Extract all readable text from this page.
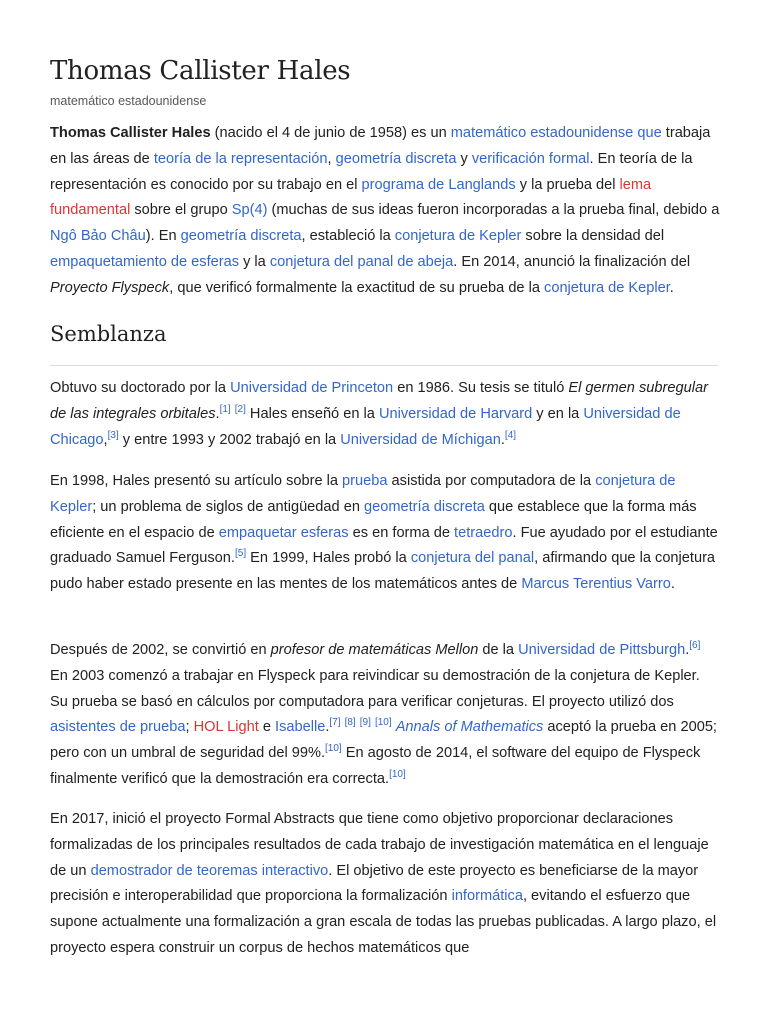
Thomas Callister Hales
matemático estadounidense

Thomas Callister Hales (nacido el 4 de junio de 1958) es un matemático estadounidense que trabaja en las áreas de teoría de la representación, geometría discreta y verificación formal. En teoría de la representación es conocido por su trabajo en el programa de Langlands y la prueba del lema fundamental sobre el grupo Sp(4) (muchas de sus ideas fueron incorporadas a la prueba final, debido a Ngô Bảo Châu). En geometría discreta, estableció la conjetura de Kepler sobre la densidad del empaquetamiento de esferas y la conjetura del panal de abeja. En 2014, anunció la finalización del Proyecto Flyspeck, que verificó formalmente la exactitud de su prueba de la conjetura de Kepler.

Semblanza

Obtuvo su doctorado por la Universidad de Princeton en 1986. Su tesis se tituló El germen subregular de las integrales orbitales.[1] [2] Hales enseñó en la Universidad de Harvard y en la Universidad de Chicago,[3] y entre 1993 y 2002 trabajó en la Universidad de Míchigan.[4]

En 1998, Hales presentó su artículo sobre la prueba asistida por computadora de la conjetura de Kepler; un problema de siglos de antigüedad en geometría discreta que establece que la forma más eficiente en el espacio de empaquetar esferas es en forma de tetraedro. Fue ayudado por el estudiante graduado Samuel Ferguson.[5] En 1999, Hales probó la conjetura del panal, afirmando que la conjetura pudo haber estado presente en las mentes de los matemáticos antes de Marcus Terentius Varro.

Después de 2002, se convirtió en profesor de matemáticas Mellon de la Universidad de Pittsburgh.[6] En 2003 comenzó a trabajar en Flyspeck para reivindicar su demostración de la conjetura de Kepler. Su prueba se basó en cálculos por computadora para verificar conjeturas. El proyecto utilizó dos asistentes de prueba; HOL Light e Isabelle.[7] [8] [9] [10] Annals of Mathematics aceptó la prueba en 2005; pero con un umbral de seguridad del 99%.[10] En agosto de 2014, el software del equipo de Flyspeck finalmente verificó que la demostración era correcta.[10]

En 2017, inició el proyecto Formal Abstracts que tiene como objetivo proporcionar declaraciones formalizadas de los principales resultados de cada trabajo de investigación matemática en el lenguaje de un demostrador de teoremas interactivo. El objetivo de este proyecto es beneficiarse de la mayor precisión e interoperabilidad que proporciona la formalización informática, evitando el esfuerzo que supone actualmente una formalización a gran escala de todas las pruebas publicadas. A largo plazo, el proyecto espera construir un corpus de hechos matemáticos que
